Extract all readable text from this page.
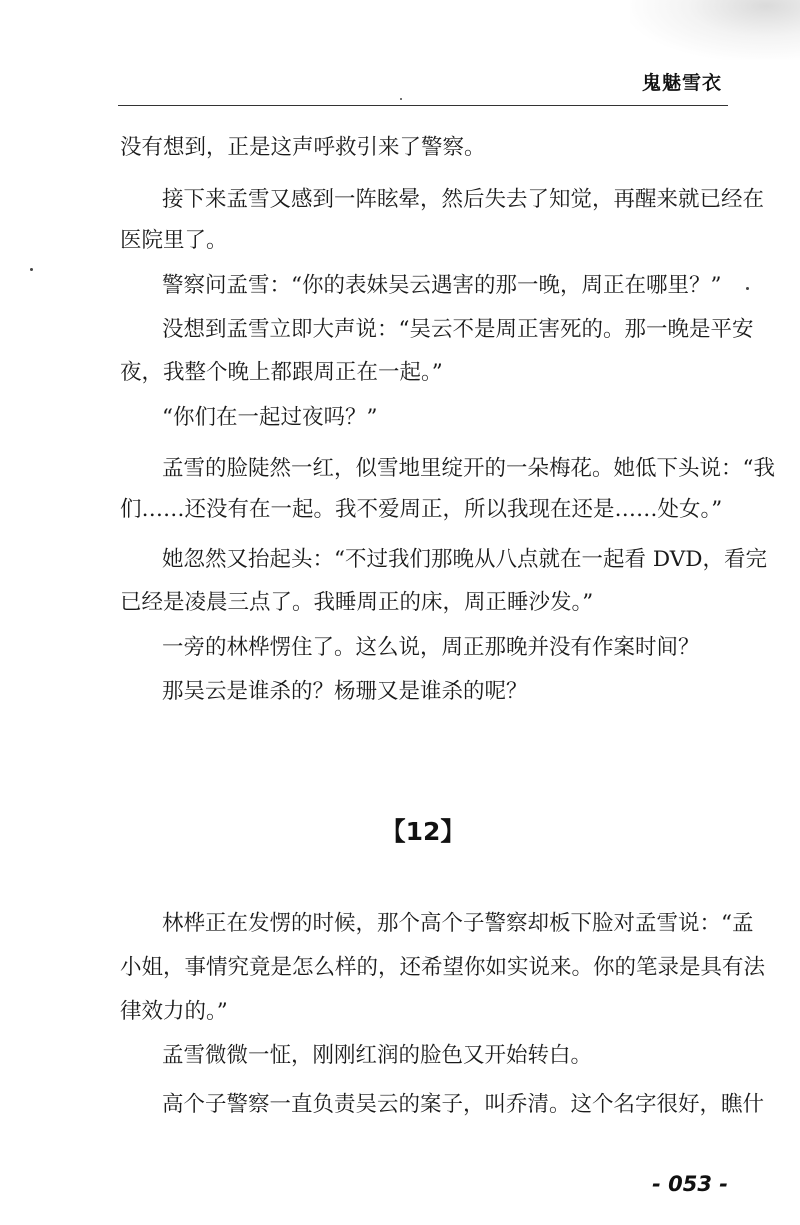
鬼魅雪衣

没有想到，正是这声呼救引来了警察。

接下来孟雪又感到一阵眩晕，然后失去了知觉，再醒来就已经在

医院里了。

警察问孟雪：“你的表妹吴云遇害的那一晚，周正在哪里？”

没想到孟雪立即大声说：“吴云不是周正害死的。那一晚是平安

夜，我整个晚上都跟周正在一起。”

“你们在一起过夜吗？”

孟雪的脸陡然一红，似雪地里绽开的一朵梅花。她低下头说：“我

们……还没有在一起。我不爱周正，所以我现在还是……处女。”

她忽然又抬起头：“不过我们那晚从八点就在一起看 DVD，看完

已经是凌晨三点了。我睡周正的床，周正睡沙发。”

一旁的林桦愣住了。这么说，周正那晚并没有作案时间？

那吴云是谁杀的？杨珊又是谁杀的呢？

【12】

林桦正在发愣的时候，那个高个子警察却板下脸对孟雪说：“孟

小姐，事情究竟是怎么样的，还希望你如实说来。你的笔录是具有法

律效力的。”

孟雪微微一怔，刚刚红润的脸色又开始转白。

高个子警察一直负责吴云的案子，叫乔清。这个名字很好，瞧什

- 053 -
